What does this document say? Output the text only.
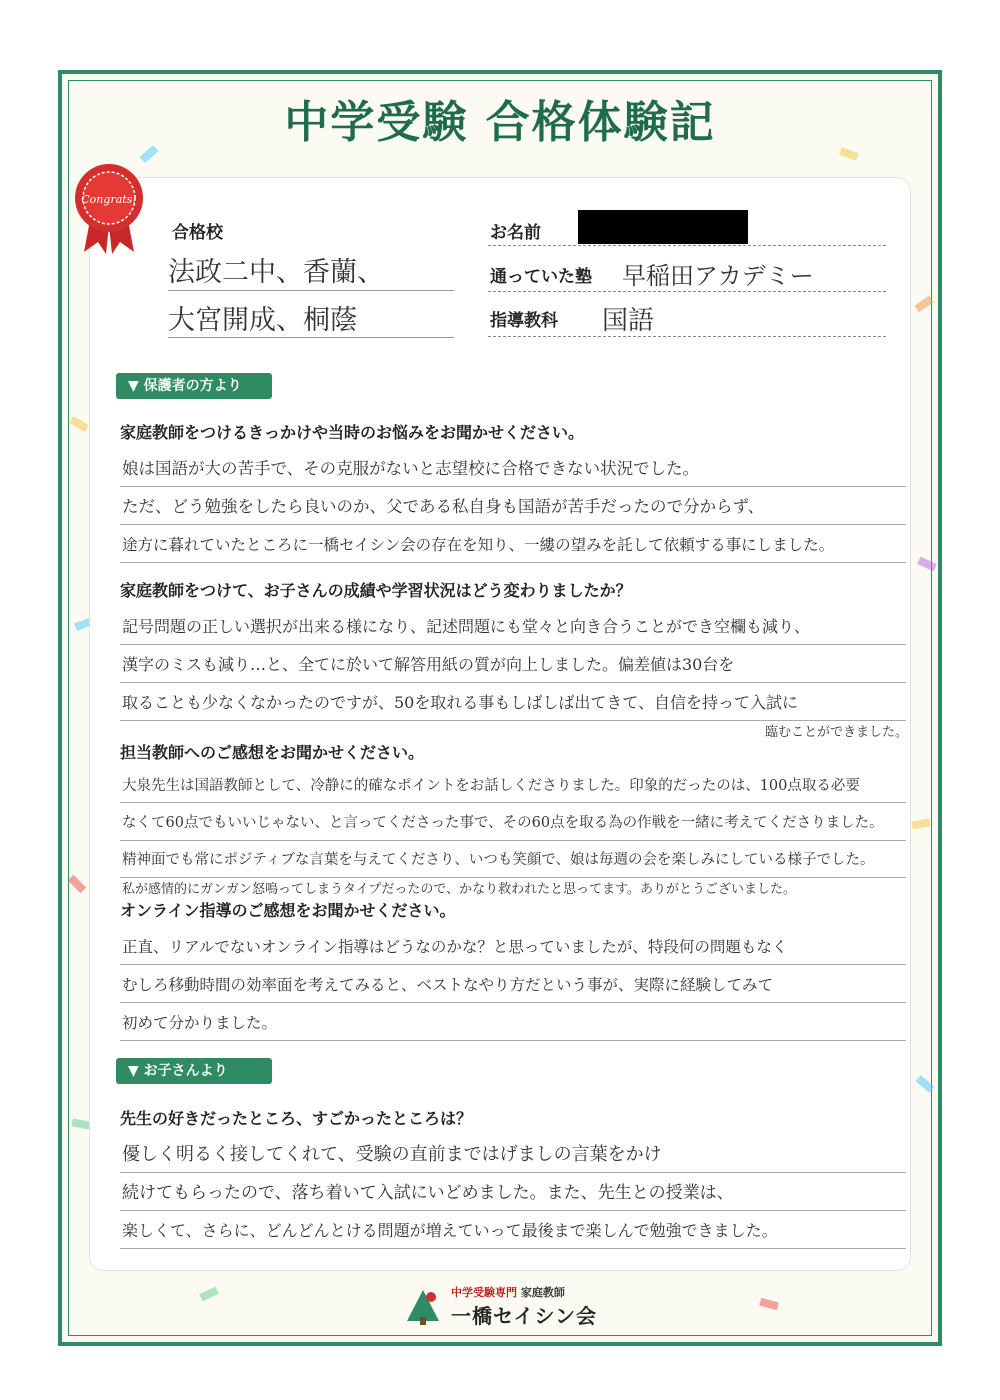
中学受験 合格体験記
Congrats!
合格校
法政二中、香蘭、
大宮開成、桐蔭
お名前
通っていた塾 早稲田アカデミー
指導教科 国語
▼ 保護者の方より
家庭教師をつけるきっかけや当時のお悩みをお聞かせください。
娘は国語が大の苦手で、その克服がないと志望校に合格できない状況でした。
ただ、どう勉強をしたら良いのか、父である私自身も国語が苦手だったので分からず、
途方に暮れていたところに一橋セイシン会の存在を知り、一縷の望みを託して依頼する事にしました。
家庭教師をつけて、お子さんの成績や学習状況はどう変わりましたか？
記号問題の正しい選択が出来る様になり、記述問題にも堂々と向き合うことができ空欄も減り、
漢字のミスも減り…と、全てに於いて解答用紙の質が向上しました。偏差値は30台を
取ることも少なくなかったのですが、50を取れる事もしばしば出てきて、自信を持って入試に
臨むことができました。
担当教師へのご感想をお聞かせください。
大泉先生は国語教師として、冷静に的確なポイントをお話しくださりました。印象的だったのは、100点取る必要
なくて60点でもいいじゃない、と言ってくださった事で、その60点を取る為の作戦を一緒に考えてくださりました。
精神面でも常にポジティブな言葉を与えてくださり、いつも笑顔で、娘は毎週の会を楽しみにしている様子でした。
私が感情的にガンガン怒鳴ってしまうタイプだったので、かなり救われたと思ってます。ありがとうございました。
オンライン指導のご感想をお聞かせください。
正直、リアルでないオンライン指導はどうなのかな？と思っていましたが、特段何の問題もなく
むしろ移動時間の効率面を考えてみると、ベストなやり方だという事が、実際に経験してみて
初めて分かりました。
▼ お子さんより
先生の好きだったところ、すごかったところは？
優しく明るく接してくれて、受験の直前まではげましの言葉をかけ
続けてもらったので、落ち着いて入試にいどめました。また、先生との授業は、
楽しくて、さらに、どんどんとける問題が増えていって最後まで楽しんで勉強できました。
中学受験専門 家庭教師
一橋セイシン会
